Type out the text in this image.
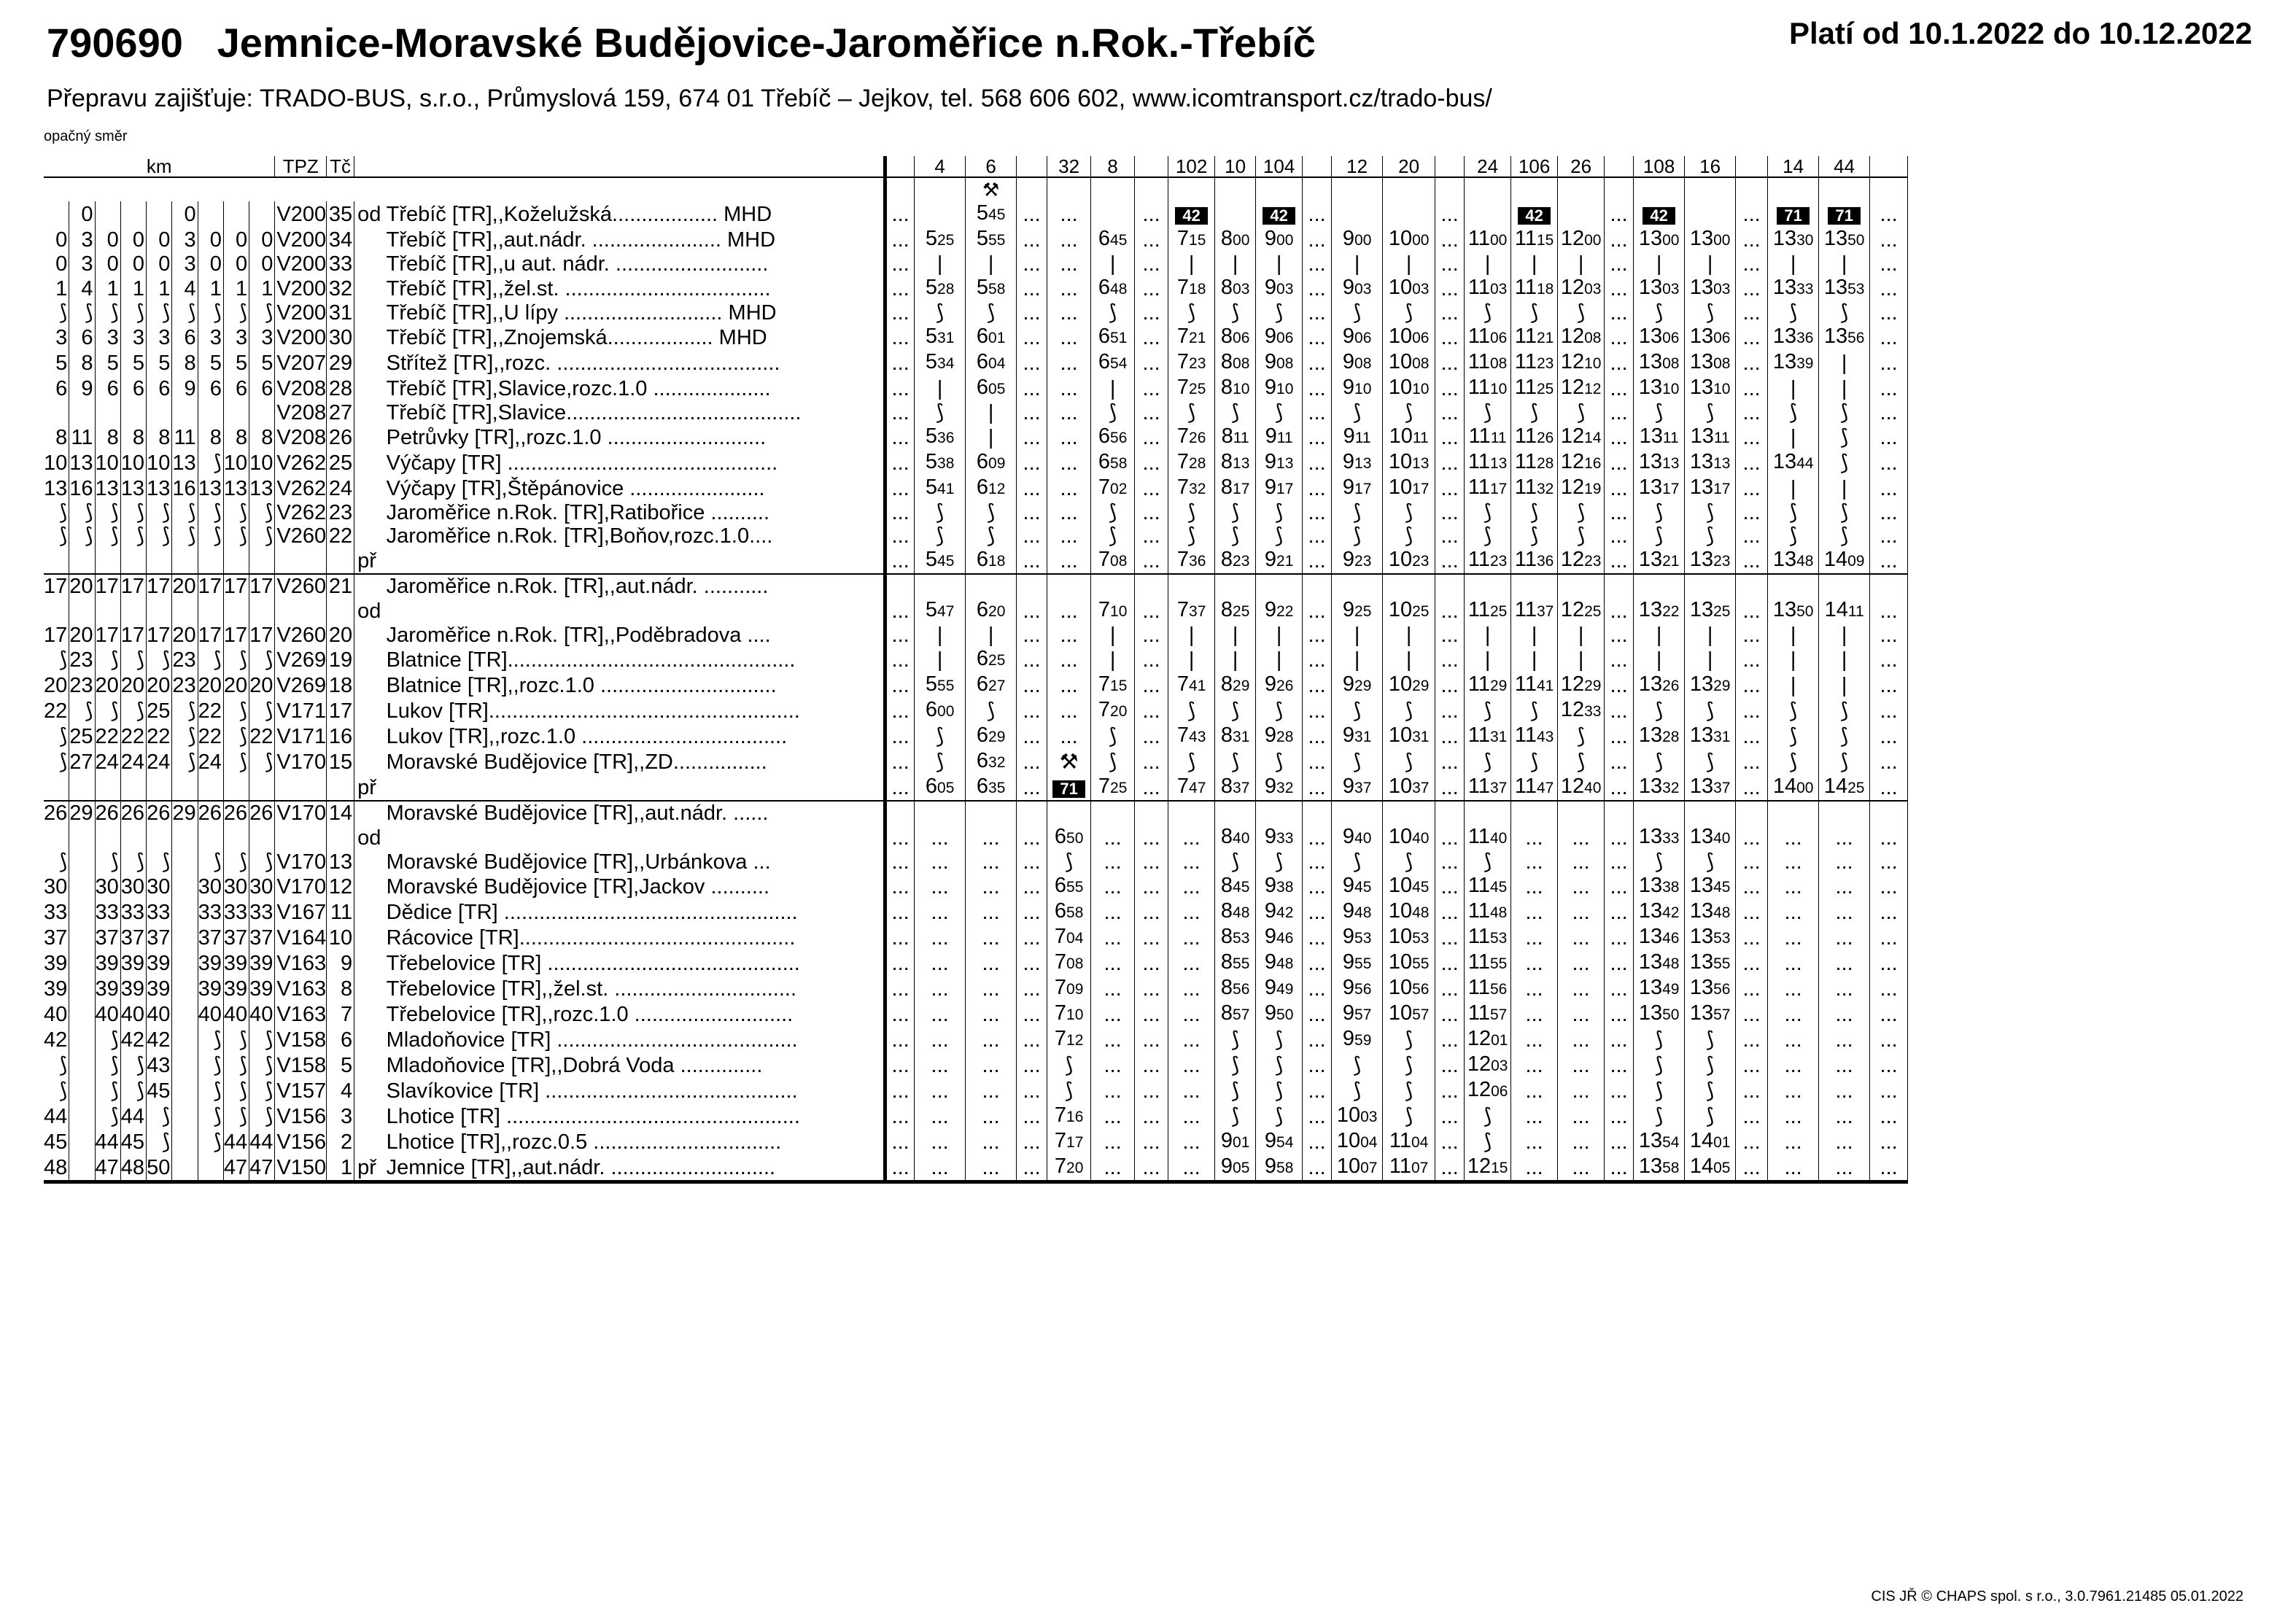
790690 Jemnice-Moravské Budějovice-Jaroměřice n.Rok.-Třebíč	Platí od 10.1.2022 do 10.12.2022
Přepravu zajišťuje: TRADO-BUS, s.r.o., Průmyslová 159, 674 01 Třebíč – Jejkov, tel. 568 606 602, www.icomtransport.cz/trado-bus/
opačný směr
km									TPZ	Tč				4	6		32	8		102	10	104		12	20		24	106	26		108	16		14	44	
															⚒																					
	0				0				V200	35	od	Třebíč [TR],,Koželužská.................. MHD	...		545	...	...		...	42		42	...			...		42		...	42		...	71	71	...
0	3	0	0	0	3	0	0	0	V200	34		Třebíč [TR],,aut.nádr. ...................... MHD	...	525	555	...	...	645	...	715	800	900	...	900	1000	...	1100	1115	1200	...	1300	1300	...	1330	1350	...
0	3	0	0	0	3	0	0	0	V200	33		Třebíč [TR],,u aut. nádr. ..........................	...	|	|	...	...	|	...	|	|	|	...	|	|	...	|	|	|	...	|	|	...	|	|	...
1	4	1	1	1	4	1	1	1	V200	32		Třebíč [TR],,žel.st. ...................................	...	528	558	...	...	648	...	718	803	903	...	903	1003	...	1103	1118	1203	...	1303	1303	...	1333	1353	...
⟆	⟆	⟆	⟆	⟆	⟆	⟆	⟆	⟆	V200	31		Třebíč [TR],,U lípy ........................... MHD	...	⟆	⟆	...	...	⟆	...	⟆	⟆	⟆	...	⟆	⟆	...	⟆	⟆	⟆	...	⟆	⟆	...	⟆	⟆	...
3	6	3	3	3	6	3	3	3	V200	30		Třebíč [TR],,Znojemská.................. MHD	...	531	601	...	...	651	...	721	806	906	...	906	1006	...	1106	1121	1208	...	1306	1306	...	1336	1356	...
5	8	5	5	5	8	5	5	5	V207	29		Střítež [TR],,rozc. ......................................	...	534	604	...	...	654	...	723	808	908	...	908	1008	...	1108	1123	1210	...	1308	1308	...	1339	|	...
6	9	6	6	6	9	6	6	6	V208	28		Třebíč [TR],Slavice,rozc.1.0 ....................	...	|	605	...	...	|	...	725	810	910	...	910	1010	...	1110	1125	1212	...	1310	1310	...	|	|	...
									V208	27		Třebíč [TR],Slavice........................................	...	⟆	|	...	...	⟆	...	⟆	⟆	⟆	...	⟆	⟆	...	⟆	⟆	⟆	...	⟆	⟆	...	⟆	⟆	...
8	11	8	8	8	11	8	8	8	V208	26		Petrůvky [TR],,rozc.1.0 ...........................	...	536	|	...	...	656	...	726	811	911	...	911	1011	...	1111	1126	1214	...	1311	1311	...	|	⟆	...
10	13	10	10	10	13	⟆	10	10	V262	25		Výčapy [TR] ..............................................	...	538	609	...	...	658	...	728	813	913	...	913	1013	...	1113	1128	1216	...	1313	1313	...	1344	⟆	...
13	16	13	13	13	16	13	13	13	V262	24		Výčapy [TR],Štěpánovice .......................	...	541	612	...	...	702	...	732	817	917	...	917	1017	...	1117	1132	1219	...	1317	1317	...	|	|	...
⟆	⟆	⟆	⟆	⟆	⟆	⟆	⟆	⟆	V262	23		Jaroměřice n.Rok. [TR],Ratibořice ..........	...	⟆	⟆	...	...	⟆	...	⟆	⟆	⟆	...	⟆	⟆	...	⟆	⟆	⟆	...	⟆	⟆	...	⟆	⟆	...
⟆	⟆	⟆	⟆	⟆	⟆	⟆	⟆	⟆	V260	22		Jaroměřice n.Rok. [TR],Boňov,rozc.1.0....	...	⟆	⟆	...	...	⟆	...	⟆	⟆	⟆	...	⟆	⟆	...	⟆	⟆	⟆	...	⟆	⟆	...	⟆	⟆	...
											př		...	545	618	...	...	708	...	736	823	921	...	923	1023	...	1123	1136	1223	...	1321	1323	...	1348	1409	...
17	20	17	17	17	20	17	17	17	V260	21		Jaroměřice n.Rok. [TR],,aut.nádr. ...........																								
											od		...	547	620	...	...	710	...	737	825	922	...	925	1025	...	1125	1137	1225	...	1322	1325	...	1350	1411	...
17	20	17	17	17	20	17	17	17	V260	20		Jaroměřice n.Rok. [TR],,Poděbradova ....	...	|	|	...	...	|	...	|	|	|	...	|	|	...	|	|	|	...	|	|	...	|	|	...
⟆	23	⟆	⟆	⟆	23	⟆	⟆	⟆	V269	19		Blatnice [TR].................................................	...	|	625	...	...	|	...	|	|	|	...	|	|	...	|	|	|	...	|	|	...	|	|	...
20	23	20	20	20	23	20	20	20	V269	18		Blatnice [TR],,rozc.1.0 ..............................	...	555	627	...	...	715	...	741	829	926	...	929	1029	...	1129	1141	1229	...	1326	1329	...	|	|	...
22	⟆	⟆	⟆	25	⟆	22	⟆	⟆	V171	17		Lukov [TR].....................................................	...	600	⟆	...	...	720	...	⟆	⟆	⟆	...	⟆	⟆	...	⟆	⟆	1233	...	⟆	⟆	...	⟆	⟆	...
⟆	25	22	22	22	⟆	22	⟆	22	V171	16		Lukov [TR],,rozc.1.0 ...................................	...	⟆	629	...	...	⟆	...	743	831	928	...	931	1031	...	1131	1143	⟆	...	1328	1331	...	⟆	⟆	...
⟆	27	24	24	24	⟆	24	⟆	⟆	V170	15		Moravské Budějovice [TR],,ZD................	...	⟆	632	...	⚒	⟆	...	⟆	⟆	⟆	...	⟆	⟆	...	⟆	⟆	⟆	...	⟆	⟆	...	⟆	⟆	...
											př		...	605	635	...	71	725	...	747	837	932	...	937	1037	...	1137	1147	1240	...	1332	1337	...	1400	1425	...
26	29	26	26	26	29	26	26	26	V170	14		Moravské Budějovice [TR],,aut.nádr. ......																								
											od		...	...	...	...	650	...	...	...	840	933	...	940	1040	...	1140	...	...	...	1333	1340	...	...	...	...
⟆		⟆	⟆	⟆		⟆	⟆	⟆	V170	13		Moravské Budějovice [TR],,Urbánkova ...	...	...	...	...	⟆	...	...	...	⟆	⟆	...	⟆	⟆	...	⟆	...	...	...	⟆	⟆	...	...	...	...
30		30	30	30		30	30	30	V170	12		Moravské Budějovice [TR],Jackov ..........	...	...	...	...	655	...	...	...	845	938	...	945	1045	...	1145	...	...	...	1338	1345	...	...	...	...
33		33	33	33		33	33	33	V167	11		Dědice [TR] ..................................................	...	...	...	...	658	...	...	...	848	942	...	948	1048	...	1148	...	...	...	1342	1348	...	...	...	...
37		37	37	37		37	37	37	V164	10		Rácovice [TR]...............................................	...	...	...	...	704	...	...	...	853	946	...	953	1053	...	1153	...	...	...	1346	1353	...	...	...	...
39		39	39	39		39	39	39	V163	9		Třebelovice [TR] ...........................................	...	...	...	...	708	...	...	...	855	948	...	955	1055	...	1155	...	...	...	1348	1355	...	...	...	...
39		39	39	39		39	39	39	V163	8		Třebelovice [TR],,žel.st. ...............................	...	...	...	...	709	...	...	...	856	949	...	956	1056	...	1156	...	...	...	1349	1356	...	...	...	...
40		40	40	40		40	40	40	V163	7		Třebelovice [TR],,rozc.1.0 ...........................	...	...	...	...	710	...	...	...	857	950	...	957	1057	...	1157	...	...	...	1350	1357	...	...	...	...
42		⟆	42	42		⟆	⟆	⟆	V158	6		Mladoňovice [TR] .........................................	...	...	...	...	712	...	...	...	⟆	⟆	...	959	⟆	...	1201	...	...	...	⟆	⟆	...	...	...	...
⟆		⟆	⟆	43		⟆	⟆	⟆	V158	5		Mladoňovice [TR],,Dobrá Voda ..............	...	...	...	...	⟆	...	...	...	⟆	⟆	...	⟆	⟆	...	1203	...	...	...	⟆	⟆	...	...	...	...
⟆		⟆	⟆	45		⟆	⟆	⟆	V157	4		Slavíkovice [TR] ...........................................	...	...	...	...	⟆	...	...	...	⟆	⟆	...	⟆	⟆	...	1206	...	...	...	⟆	⟆	...	...	...	...
44		⟆	44	⟆		⟆	⟆	⟆	V156	3		Lhotice [TR] ..................................................	...	...	...	...	716	...	...	...	⟆	⟆	...	1003	⟆	...	⟆	...	...	...	⟆	⟆	...	...	...	...
45		44	45	⟆		⟆	44	44	V156	2		Lhotice [TR],,rozc.0.5 ................................	...	...	...	...	717	...	...	...	901	954	...	1004	1104	...	⟆	...	...	...	1354	1401	...	...	...	...
48		47	48	50			47	47	V150	1	př	Jemnice [TR],,aut.nádr. ............................	...	...	...	...	720	...	...	...	905	958	...	1007	1107	...	1215	...	...	...	1358	1405	...	...	...	...
CIS JŘ © CHAPS spol. s r.o., 3.0.7961.21485 05.01.2022
